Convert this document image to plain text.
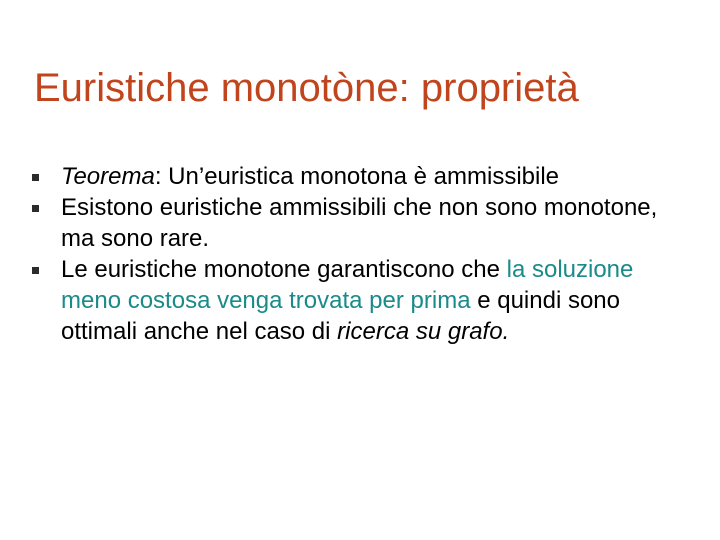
Euristiche monotòne: proprietà
Teorema: Un’euristica monotona è ammissibile
Esistono euristiche ammissibili che non sono monotone, ma sono rare.
Le euristiche monotone garantiscono che la soluzione meno costosa venga trovata per prima e quindi sono ottimali anche nel caso di ricerca su grafo.
